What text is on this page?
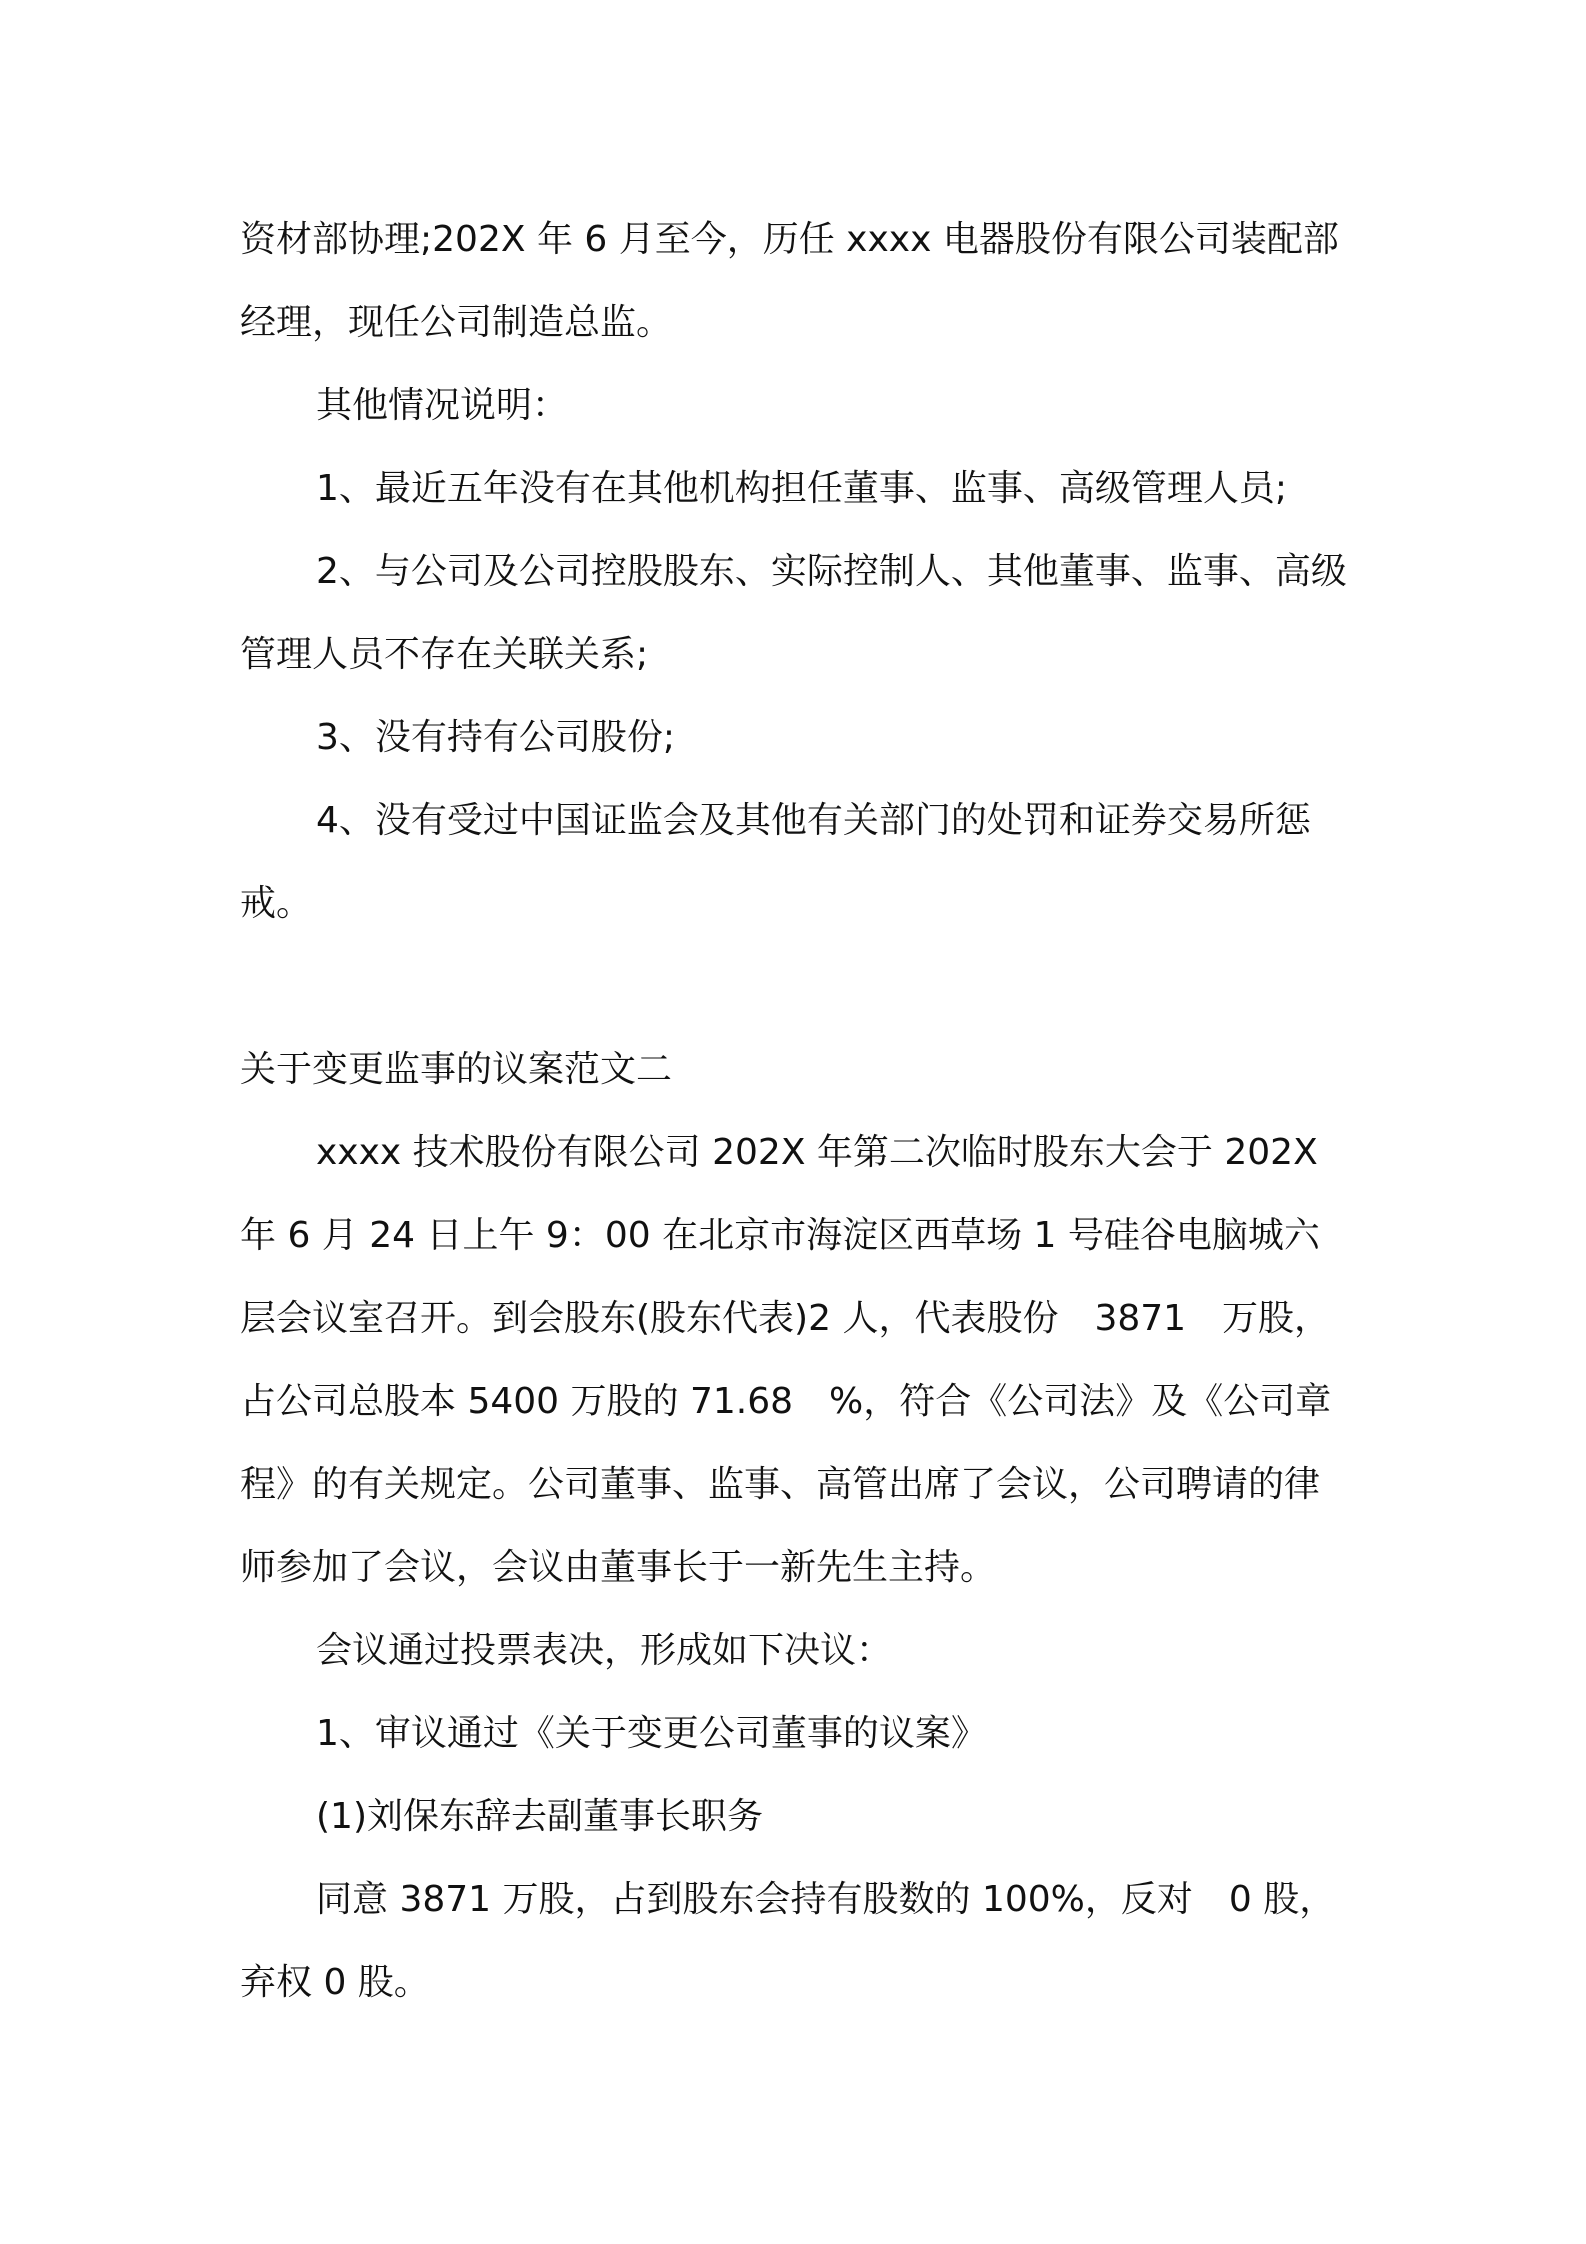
资材部协理;202X 年 6 月至今，历任 xxxx 电器股份有限公司装配部经理，现任公司制造总监。

其他情况说明：

1、最近五年没有在其他机构担任董事、监事、高级管理人员;

2、与公司及公司控股股东、实际控制人、其他董事、监事、高级管理人员不存在关联关系;

3、没有持有公司股份;

4、没有受过中国证监会及其他有关部门的处罚和证券交易所惩戒。

关于变更监事的议案范文二

xxxx 技术股份有限公司 202X 年第二次临时股东大会于 202X 年 6 月 24 日上午 9：00 在北京市海淀区西草场 1 号硅谷电脑城六层会议室召开。到会股东(股东代表)2 人，代表股份　3871　万股，占公司总股本 5400 万股的 71.68　%，符合《公司法》及《公司章程》的有关规定。公司董事、监事、高管出席了会议，公司聘请的律师参加了会议，会议由董事长于一新先生主持。

会议通过投票表决，形成如下决议：

1、审议通过《关于变更公司董事的议案》

(1)刘保东辞去副董事长职务

同意 3871 万股，占到股东会持有股数的 100%，反对　0 股，弃权 0 股。
